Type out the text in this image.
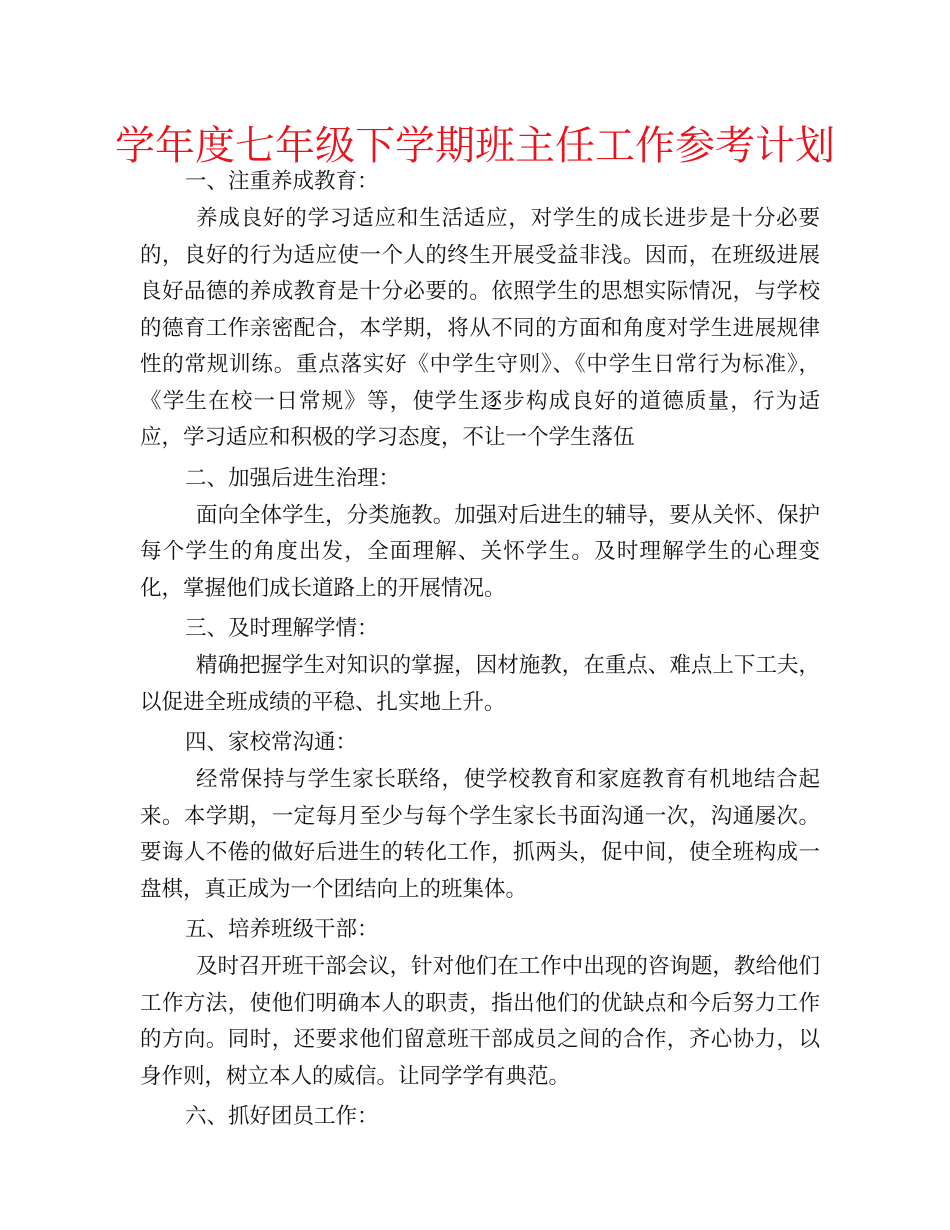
学年度七年级下学期班主任工作参考计划
一、注重养成教育：

养成良好的学习适应和生活适应，对学生的成长进步是十分必要的，良好的行为适应使一个人的终生开展受益非浅。因而，在班级进展良好品德的养成教育是十分必要的。依照学生的思想实际情况，与学校的德育工作亲密配合，本学期，将从不同的方面和角度对学生进展规律性的常规训练。重点落实好《中学生守则》、《中学生日常行为标准》，《学生在校一日常规》等，使学生逐步构成良好的道德质量，行为适应，学习适应和积极的学习态度，不让一个学生落伍

二、加强后进生治理：

面向全体学生，分类施教。加强对后进生的辅导，要从关怀、保护每个学生的角度出发，全面理解、关怀学生。及时理解学生的心理变化，掌握他们成长道路上的开展情况。

三、及时理解学情：

精确把握学生对知识的掌握，因材施教，在重点、难点上下工夫，以促进全班成绩的平稳、扎实地上升。

四、家校常沟通：

经常保持与学生家长联络，使学校教育和家庭教育有机地结合起来。本学期，一定每月至少与每个学生家长书面沟通一次，沟通屡次。要诲人不倦的做好后进生的转化工作，抓两头，促中间，使全班构成一盘棋，真正成为一个团结向上的班集体。

五、培养班级干部：

及时召开班干部会议，针对他们在工作中出现的咨询题，教给他们工作方法，使他们明确本人的职责，指出他们的优缺点和今后努力工作的方向。同时，还要求他们留意班干部成员之间的合作，齐心协力，以身作则，树立本人的威信。让同学学有典范。

六、抓好团员工作：
